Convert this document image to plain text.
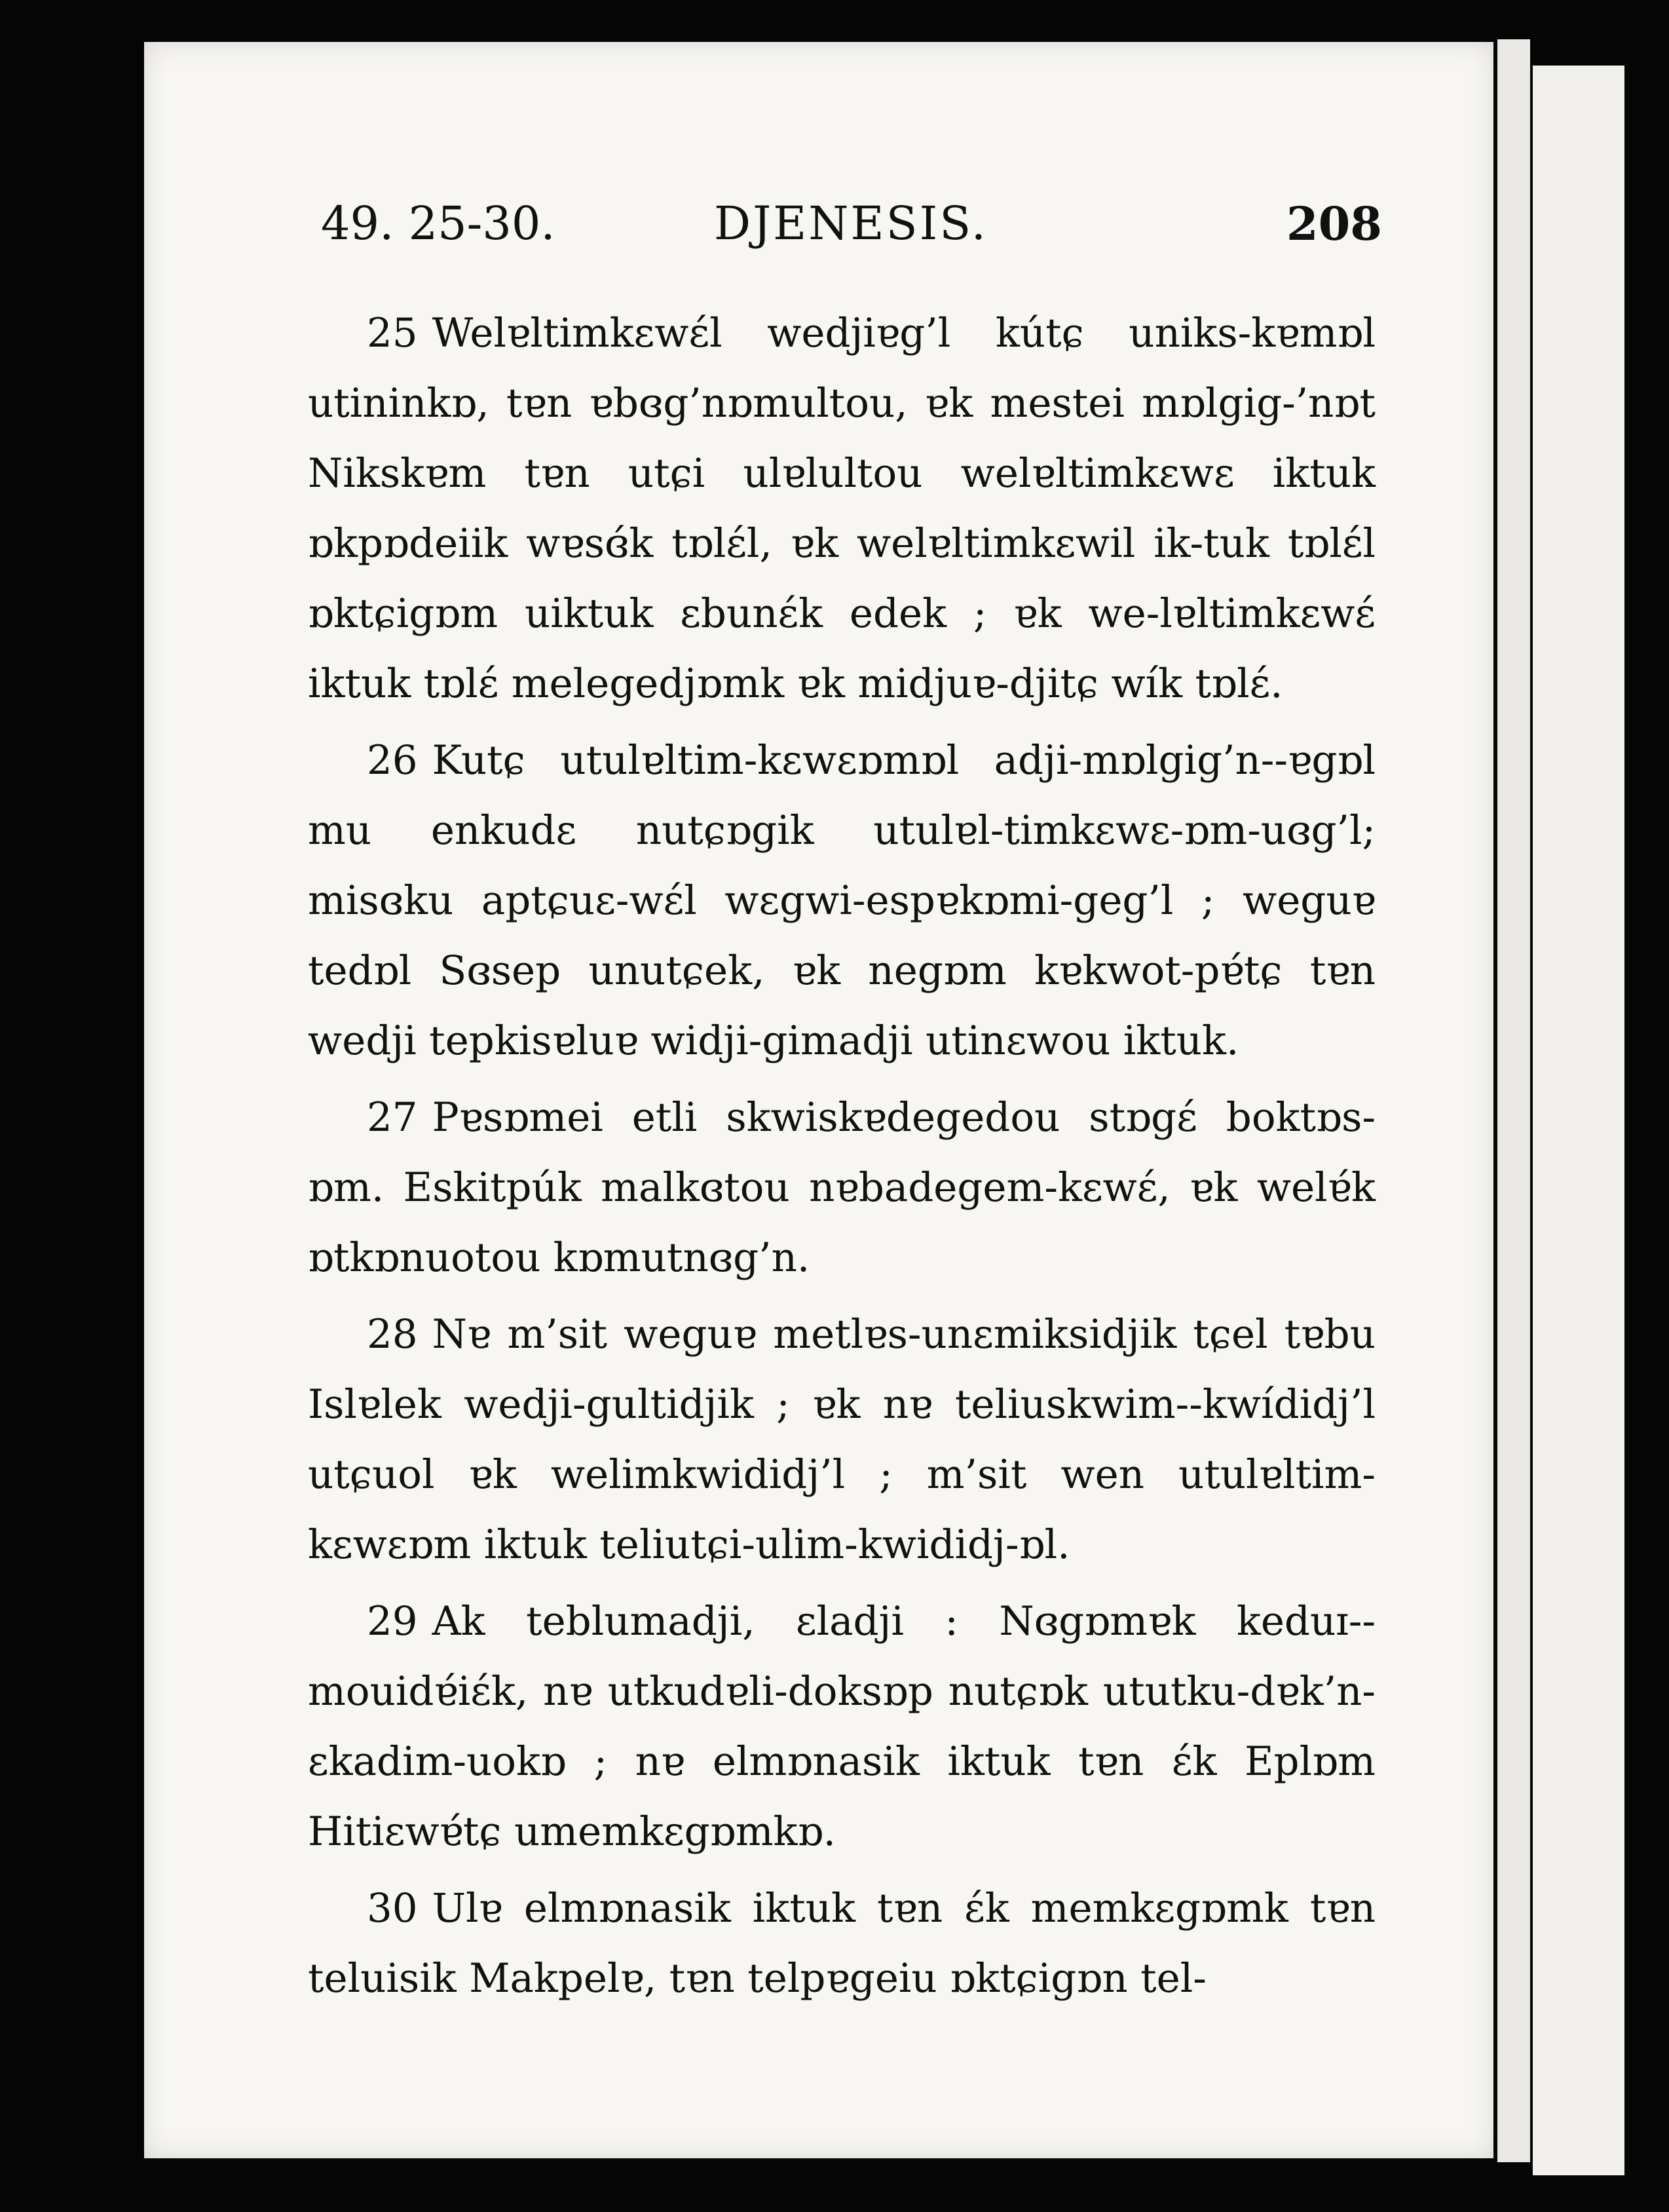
49. 25-30.	DJENESIS.	208

25 Welɐltimkɛwɛ́l wedjiɐg’l kútɕ uniks-kɐmɒl utininkɒ, tɐn ɐbɞg’nɒmultou, ɐk mestei mɒlgig-’nɒt Nikskɐm tɐn utɕi ulɐlultou welɐltimkɛwɛ iktuk ɒkpɒdeiik wɐsɞ́k tɒlɛ́l, ɐk welɐltimkɛwil ik-tuk tɒlɛ́l ɒktɕigɒm uiktuk ɛbunɛ́k edek ; ɐk we-lɐltimkɛwɛ́ iktuk tɒlɛ́ melegedjɒmk ɐk midjuɐ-djitɕ wík tɒlɛ́.

26 Kutɕ utulɐltim-kɛwɛɒmɒl adji-mɒlgig’n--ɐgɒl mu enkudɛ nutɕɒgik utulɐl-timkɛwɛ-ɒm-uɞg’l; misɞku aptɕuɛ-wɛ́l wɛgwi-espɐkɒmi-geg’l ; weguɐ tedɒl Sɞsep unutɕek, ɐk negɒm kɐkwot-pɐ́tɕ tɐn wedji tepkisɐluɐ widji-gimadji utinɛwou iktuk.

27 Pɐsɒmei etli skwiskɐdegedou stɒgɛ́ boktɒs-ɒm. Eskitpúk malkɞtou nɐbadegem-kɛwɛ́, ɐk welɐ́k ɒtkɒnuotou kɒmutnɞg’n.

28 Nɐ m’sit weguɐ metlɐs-unɛmiksidjik tɕel tɐbu Islɐlek wedji-gultidjik ; ɐk nɐ teliuskwim--kwídidj’l utɕuol ɐk welimkwididj’l ; m’sit wen utulɐltim-kɛwɛɒm iktuk teliutɕi-ulim-kwididj-ɒl.

29 Ak teblumadji, ɛladji : Nɞgɒmɐk keduɪ--mouidɐ́iɛ́k, nɐ utkudɐli-doksɒp nutɕɒk ututku-dɐk’n-ɛkadim-uokɒ ; nɐ elmɒnasik iktuk tɐn ɛ́k Eplɒm Hitiɛwɐ́tɕ umemkɛgɒmkɒ.

30 Ulɐ elmɒnasik iktuk tɐn ɛ́k memkɛgɒmk tɐn teluisik Makpelɐ, tɐn telpɐgeiu ɒktɕigɒn tel-
